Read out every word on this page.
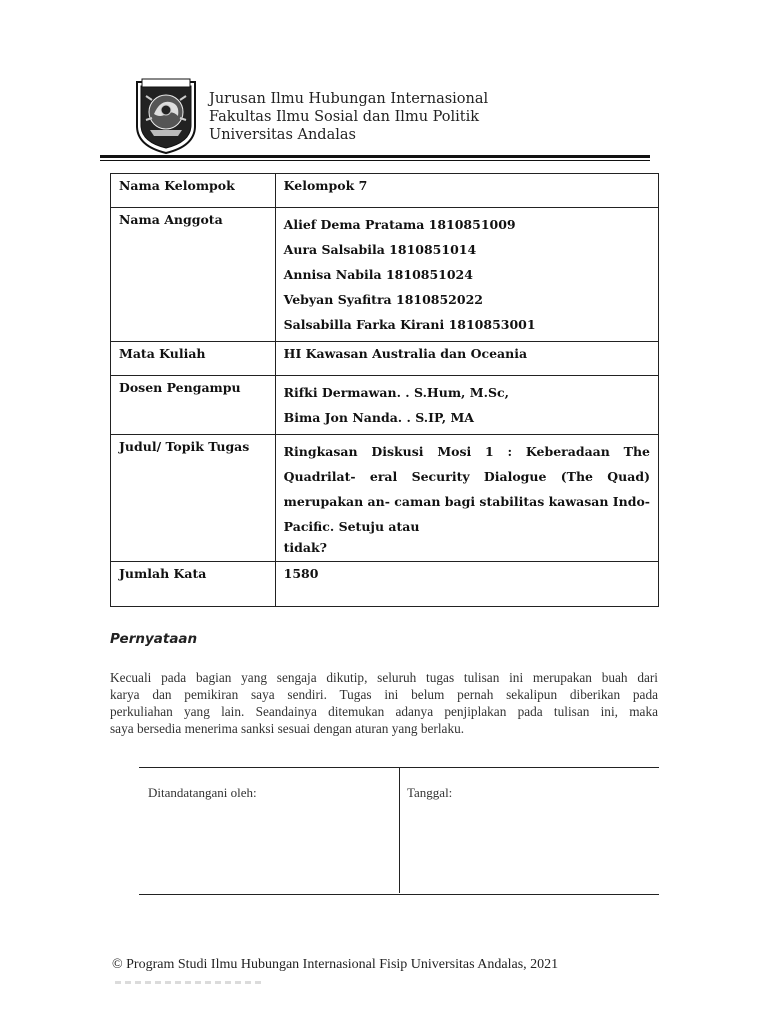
Jurusan Ilmu Hubungan Internasional
Fakultas Ilmu Sosial dan Ilmu Politik
Universitas Andalas
Nama Kelompok	Kelompok 7
Nama Anggota	Alief Dema Pratama 1810851009
Aura Salsabila 1810851014
Annisa Nabila 1810851024
Vebyan Syafitra 1810852022
Salsabilla Farka Kirani 1810853001

Mata Kuliah	HI Kawasan Australia dan Oceania
Dosen Pengampu	Rifki Dermawan. . S.Hum, M.Sc,
Bima Jon Nanda. . S.IP, MA

Judul/ Topik Tugas	Ringkasan Diskusi Mosi 1 : Keberadaan The
Quadrilat- eral Security Dialogue (The Quad)
merupakan an- caman bagi stabilitas kawasan Indo-
Pacific. Setuju atau
tidak?

Jumlah Kata	1580
Pernyataan
Kecuali pada bagian yang sengaja dikutip, seluruh tugas tulisan ini merupakan buah dari
karya dan pemikiran saya sendiri. Tugas ini belum pernah sekalipun diberikan pada
perkuliahan yang lain. Seandainya ditemukan adanya penjiplakan pada tulisan ini, maka
saya bersedia menerima sanksi sesuai dengan aturan yang berlaku.
Ditandatangani oleh:	Tanggal:
© Program Studi Ilmu Hubungan Internasional Fisip Universitas Andalas, 2021
